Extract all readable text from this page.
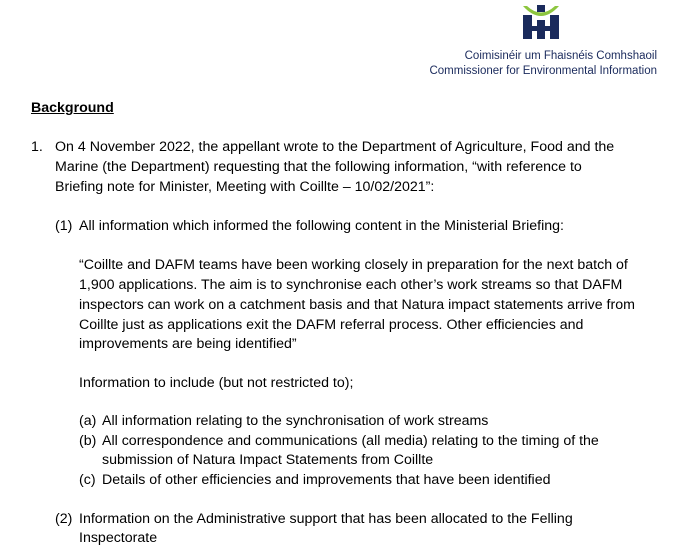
Coimisinéir um Fhaisnéis Comhshaoil
Commissioner for Environmental Information
Background
1. On 4 November 2022, the appellant wrote to the Department of Agriculture, Food and the
Marine (the Department) requesting that the following information, “with reference to
Briefing note for Minister, Meeting with Coillte – 10/02/2021”:
(1) All information which informed the following content in the Ministerial Briefing:
“Coillte and DAFM teams have been working closely in preparation for the next batch of
1,900 applications. The aim is to synchronise each other’s work streams so that DAFM
inspectors can work on a catchment basis and that Natura impact statements arrive from
Coillte just as applications exit the DAFM referral process. Other efficiencies and
improvements are being identified”
Information to include (but not restricted to);
(a) All information relating to the synchronisation of work streams
(b) All correspondence and communications (all media) relating to the timing of the
submission of Natura Impact Statements from Coillte
(c) Details of other efficiencies and improvements that have been identified
(2) Information on the Administrative support that has been allocated to the Felling
Inspectorate
